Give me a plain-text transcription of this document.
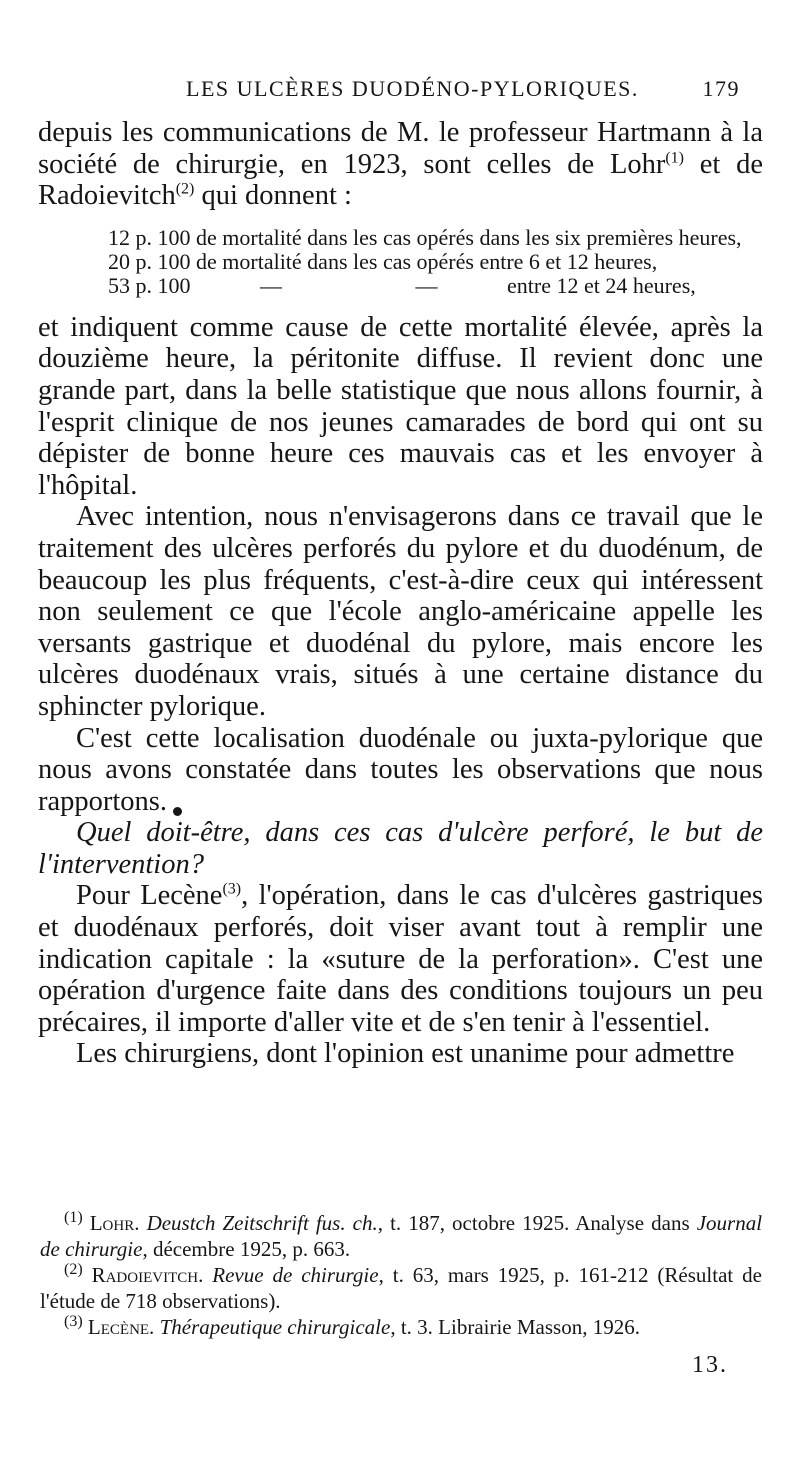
LES ULCÈRES DUODÉNO-PYLORIQUES.	179

depuis les communications de M. le professeur Hartmann à la société de chirurgie, en 1923, sont celles de Lohr$^{(1)}$ et de Radoievitch$^{(2)}$ qui donnent :

12 p. 100 de mortalité dans les cas opérés dans les six premières heures,
20 p. 100 de mortalité dans les cas opérés entre 6 et 12 heures,
53 p. 100	—	—	entre 12 et 24 heures,

et indiquent comme cause de cette mortalité élevée, après la douzième heure, la péritonite diffuse. Il revient donc une grande part, dans la belle statistique que nous allons fournir, à l'esprit clinique de nos jeunes camarades de bord qui ont su dépister de bonne heure ces mauvais cas et les envoyer à l'hôpital.

Avec intention, nous n'envisagerons dans ce travail que le traitement des ulcères perforés du pylore et du duodénum, de beaucoup les plus fréquents, c'est-à-dire ceux qui intéressent non seulement ce que l'école anglo-américaine appelle les versants gastrique et duodénal du pylore, mais encore les ulcères duodénaux vrais, situés à une certaine distance du sphincter pylorique.

C'est cette localisation duodénale ou juxta-pylorique que nous avons constatée dans toutes les observations que nous rapportons.

Quel doit-être, dans ces cas d'ulcère perforé, le but de l'intervention?

Pour Lecène$^{(3)}$, l'opération, dans le cas d'ulcères gastriques et duodénaux perforés, doit viser avant tout à remplir une indication capitale : la «suture de la perforation». C'est une opération d'urgence faite dans des conditions toujours un peu précaires, il importe d'aller vite et de s'en tenir à l'essentiel.

Les chirurgiens, dont l'opinion est unanime pour admettre

$^{(1)}$ Lohr. Deustch Zeitschrift fus. ch., t. 187, octobre 1925. Analyse dans Journal de chirurgie, décembre 1925, p. 663.

$^{(2)}$ Radoievitch. Revue de chirurgie, t. 63, mars 1925, p. 161-212 (Résultat de l'étude de 718 observations).

$^{(3)}$ Lecène. Thérapeutique chirurgicale, t. 3. Librairie Masson, 1926.

13.
